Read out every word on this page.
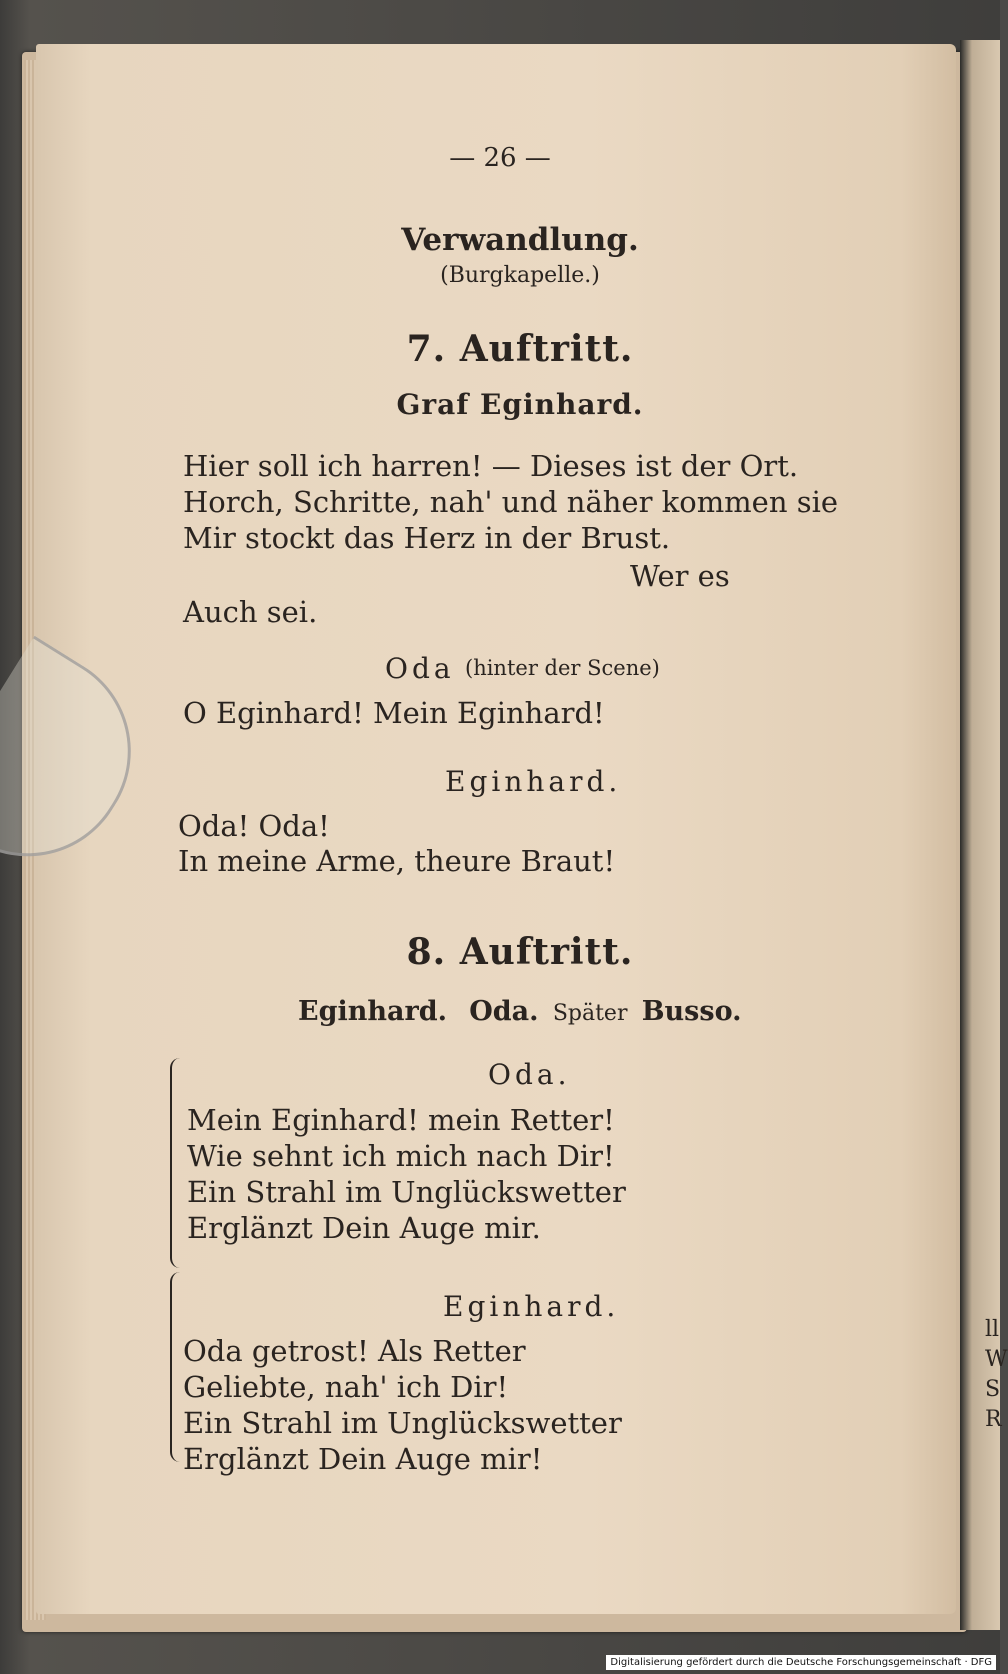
ll
W
S
R
— 26 —
Verwandlung.
(Burgkapelle.)
7. Auftritt.
Graf Eginhard.
Hier soll ich harren! — Dieses ist der Ort.
Horch, Schritte, nah' und näher kommen sie
Mir stockt das Herz in der Brust.
Wer es
Auch sei.
Oda (hinter der Scene)
O Eginhard! Mein Eginhard!
Eginhard.
Oda! Oda!
In meine Arme, theure Braut!
8. Auftritt.
Eginhard. Oda. Später Busso.
Oda.
Mein Eginhard! mein Retter!
Wie sehnt ich mich nach Dir!
Ein Strahl im Unglückswetter
Erglänzt Dein Auge mir.
Eginhard.
Oda getrost! Als Retter
Geliebte, nah' ich Dir!
Ein Strahl im Unglückswetter
Erglänzt Dein Auge mir!
Digitalisierung gefördert durch die Deutsche Forschungsgemeinschaft · DFG
